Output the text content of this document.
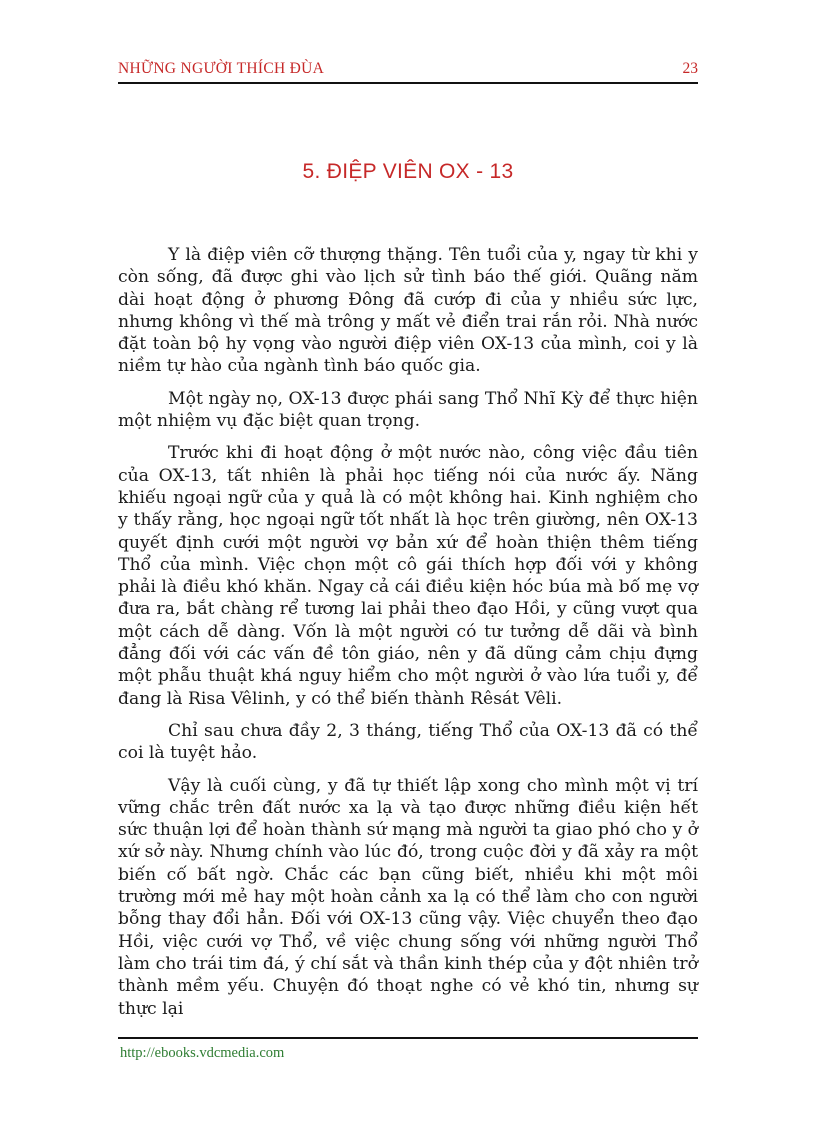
NHỮNG NGƯỜI THÍCH ĐÙA	23
5. ĐIỆP VIÊN OX - 13

Y là điệp viên cỡ thượng thặng. Tên tuổi của y, ngay từ khi y còn sống, đã được ghi vào lịch sử tình báo thế giới. Quãng năm dài hoạt động ở phương Đông đã cướp đi của y nhiều sức lực, nhưng không vì thế mà trông y mất vẻ điển trai rắn rỏi. Nhà nước đặt toàn bộ hy vọng vào người điệp viên OX-13 của mình, coi y là niềm tự hào của ngành tình báo quốc gia.

Một ngày nọ, OX-13 được phái sang Thổ Nhĩ Kỳ để thực hiện một nhiệm vụ đặc biệt quan trọng.

Trước khi đi hoạt động ở một nước nào, công việc đầu tiên của OX-13, tất nhiên là phải học tiếng nói của nước ấy. Năng khiếu ngoại ngữ của y quả là có một không hai. Kinh nghiệm cho y thấy rằng, học ngoại ngữ tốt nhất là học trên giường, nên OX-13 quyết định cưới một người vợ bản xứ để hoàn thiện thêm tiếng Thổ của mình. Việc chọn một cô gái thích hợp đối với y không phải là điều khó khăn. Ngay cả cái điều kiện hóc búa mà bố mẹ vợ đưa ra, bắt chàng rể tương lai phải theo đạo Hồi, y cũng vượt qua một cách dễ dàng. Vốn là một người có tư tưởng dễ dãi và bình đẳng đối với các vấn đề tôn giáo, nên y đã dũng cảm chịu đựng một phẫu thuật khá nguy hiểm cho một người ở vào lứa tuổi y, để đang là Risa Vêlinh, y có thể biến thành Rêsát Vêli.

Chỉ sau chưa đầy 2, 3 tháng, tiếng Thổ của OX-13 đã có thể coi là tuyệt hảo.

Vậy là cuối cùng, y đã tự thiết lập xong cho mình một vị trí vững chắc trên đất nước xa lạ và tạo được những điều kiện hết sức thuận lợi để hoàn thành sứ mạng mà người ta giao phó cho y ở xứ sở này. Nhưng chính vào lúc đó, trong cuộc đời y đã xảy ra một biến cố bất ngờ. Chắc các bạn cũng biết, nhiều khi một môi trường mới mẻ hay một hoàn cảnh xa lạ có thể làm cho con người bỗng thay đổi hẳn. Đối với OX-13 cũng vậy. Việc chuyển theo đạo Hồi, việc cưới vợ Thổ, về việc chung sống với những người Thổ làm cho trái tim đá, ý chí sắt và thần kinh thép của y đột nhiên trở thành mềm yếu. Chuyện đó thoạt nghe có vẻ khó tin, nhưng sự thực lại

http://ebooks.vdcmedia.com
